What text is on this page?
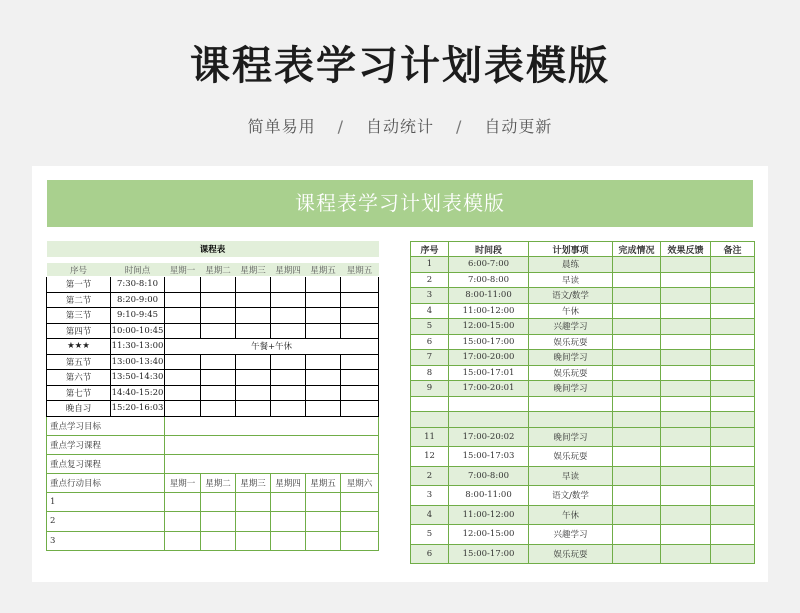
课程表学习计划表模版
简单易用 / 自动统计 / 自动更新
课程表学习计划表模版
课程表								

序号	时间点	星期一	星期二	星期三	星期四	星期五	星期五	
第一节	7:30-8:10							
第二节	8:20-9:00							
第三节	9:10-9:45							
第四节	10:00-10:45							
★★★	11:30-13:00	午餐+午休						
第五节	13:00-13:40							
第六节	13:50-14:30							
第七节	14:40-15:20							
晚自习	15:20-16:03							
重点学习目标								
重点学习课程								
重点复习课程								
重点行动目标		星期一	星期二	星期三	星期四	星期五	星期六	
1								
2								
3								
序号	时间段	计划事项	完成情况	效果反馈	备注
1	6:00-7:00	晨练			
2	7:00-8:00	早读			
3	8:00-11:00	语文/数学			
4	11:00-12:00	午休			
5	12:00-15:00	兴趣学习			
6	15:00-17:00	娱乐玩耍			
7	17:00-20:00	晚间学习			
8	15:00-17:01	娱乐玩耍			
9	17:00-20:01	晚间学习			

11	17:00-20:02	晚间学习			
12	15:00-17:03	娱乐玩耍			
2	7:00-8:00	早读			
3	8:00-11:00	语文/数学			
4	11:00-12:00	午休			
5	12:00-15:00	兴趣学习			
6	15:00-17:00	娱乐玩耍			
